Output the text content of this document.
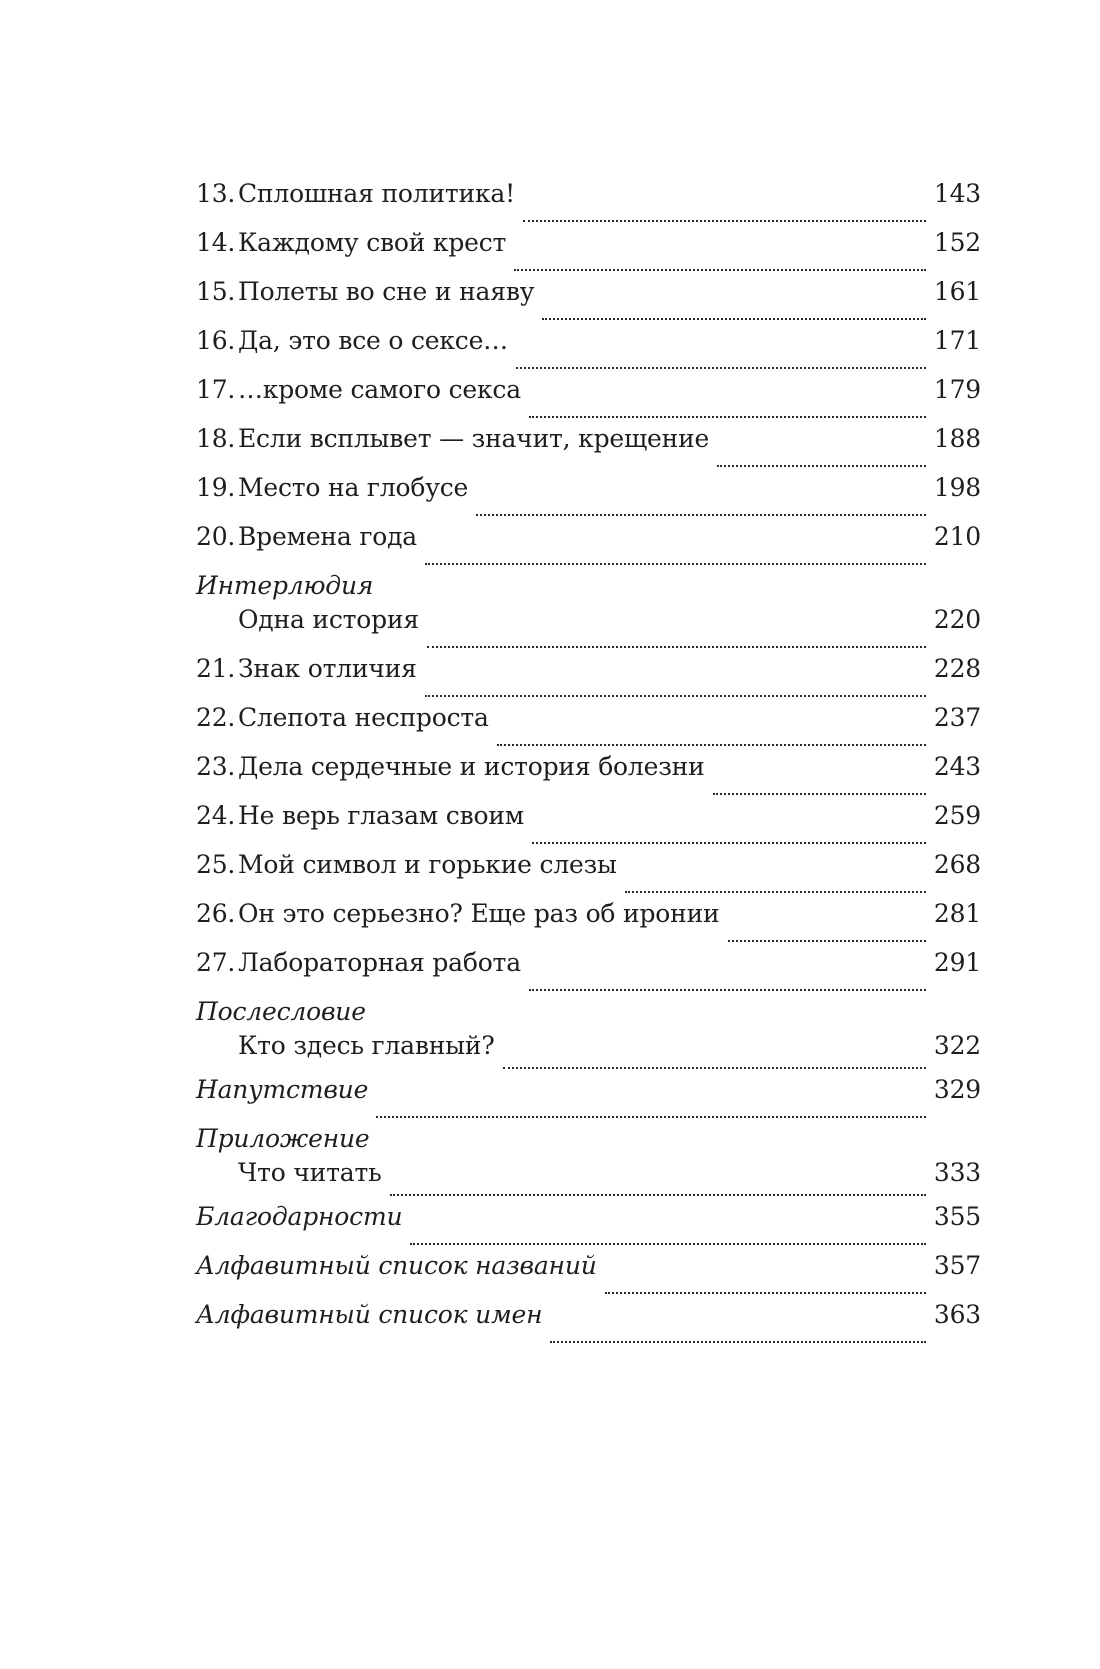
13. Сплошная политика!	143
14. Каждому свой крест	152
15. Полеты во сне и наяву	161
16. Да, это все о сексе…	171
17. …кроме самого секса	179
18. Если всплывет — значит, крещение	188
19. Место на глобусе	198
20. Времена года	210
Интерлюдия
Одна история	220
21. Знак отличия	228
22. Слепота неспроста	237
23. Дела сердечные и история болезни	243
24. Не верь глазам своим	259
25. Мой символ и горькие слезы	268
26. Он это серьезно? Еще раз об иронии	281
27. Лабораторная работа	291
Послесловие
Кто здесь главный?	322
Напутствие	329
Приложение
Что читать	333
Благодарности	355
Алфавитный список названий	357
Алфавитный список имен	363
